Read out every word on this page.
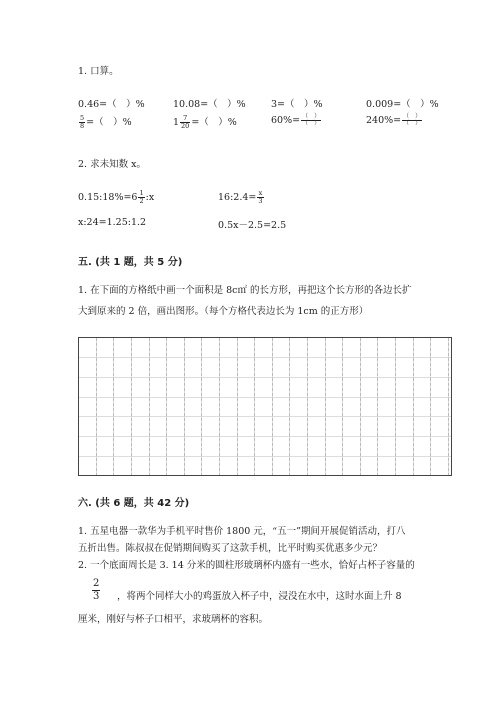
1. 口算。
0.46=（　）%	10.08=（　）%	3=（　）%	0.009=（　）%
$\frac{5}{8}$ =（　）%	$1 \frac{7}{20}$ =（　）%	$60\%= \frac{( )}{( )}$	$240\%= \frac{( )}{( )}$
2. 求未知数 x。
0.15:18%=6 $\frac{1}{2}$ :x	16:2.4= $\frac{x}{3}$
x:24=1.25:1.2	0.5x－2.5=2.5
五. (共 1 题，共 5 分)
1. 在下面的方格纸中画一个面积是 8c㎡ 的长方形，再把这个长方形的各边长扩
大到原来的 2 倍，画出图形。（每个方格代表边长为 1cm 的正方形）
六. (共 6 题，共 42 分)
1. 五星电器一款华为手机平时售价 1800 元，“五一”期间开展促销活动，打八
五折出售。陈叔叔在促销期间购买了这款手机，比平时购买优惠多少元？
2. 一个底面周长是 3. 14 分米的圆柱形玻璃杯内盛有一些水，恰好占杯子容量的
$\frac{2}{3}$ ，将两个同样大小的鸡蛋放入杯子中，浸没在水中，这时水面上升 8
厘米，刚好与杯子口相平，求玻璃杯的容积。
